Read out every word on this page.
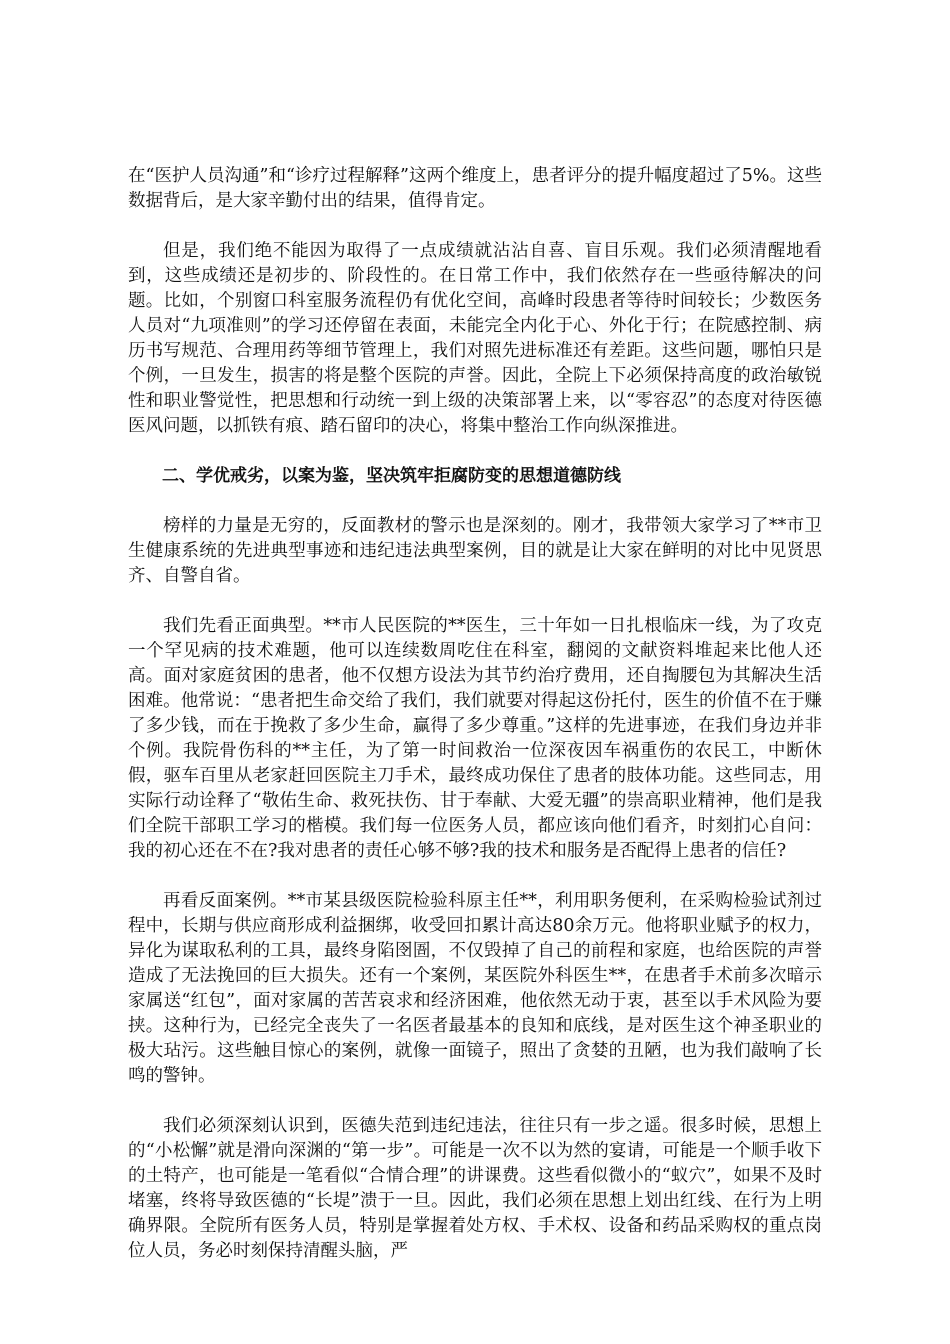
在“医护人员沟通”和“诊疗过程解释”这两个维度上，患者评分的提升幅度超过了5%。这些数据背后，是大家辛勤付出的结果，值得肯定。

但是，我们绝不能因为取得了一点成绩就沾沾自喜、盲目乐观。我们必须清醒地看到，这些成绩还是初步的、阶段性的。在日常工作中，我们依然存在一些亟待解决的问题。比如，个别窗口科室服务流程仍有优化空间，高峰时段患者等待时间较长；少数医务人员对“九项准则”的学习还停留在表面，未能完全内化于心、外化于行；在院感控制、病历书写规范、合理用药等细节管理上，我们对照先进标准还有差距。这些问题，哪怕只是个例，一旦发生，损害的将是整个医院的声誉。因此，全院上下必须保持高度的政治敏锐性和职业警觉性，把思想和行动统一到上级的决策部署上来，以“零容忍”的态度对待医德医风问题，以抓铁有痕、踏石留印的决心，将集中整治工作向纵深推进。

二、学优戒劣，以案为鉴，坚决筑牢拒腐防变的思想道德防线

榜样的力量是无穷的，反面教材的警示也是深刻的。刚才，我带领大家学习了**市卫生健康系统的先进典型事迹和违纪违法典型案例，目的就是让大家在鲜明的对比中见贤思齐、自警自省。

我们先看正面典型。**市人民医院的**医生，三十年如一日扎根临床一线，为了攻克一个罕见病的技术难题，他可以连续数周吃住在科室，翻阅的文献资料堆起来比他人还高。面对家庭贫困的患者，他不仅想方设法为其节约治疗费用，还自掏腰包为其解决生活困难。他常说：“患者把生命交给了我们，我们就要对得起这份托付，医生的价值不在于赚了多少钱，而在于挽救了多少生命，赢得了多少尊重。”这样的先进事迹，在我们身边并非个例。我院骨伤科的**主任，为了第一时间救治一位深夜因车祸重伤的农民工，中断休假，驱车百里从老家赶回医院主刀手术，最终成功保住了患者的肢体功能。这些同志，用实际行动诠释了“敬佑生命、救死扶伤、甘于奉献、大爱无疆”的崇高职业精神，他们是我们全院干部职工学习的楷模。我们每一位医务人员，都应该向他们看齐，时刻扪心自问：我的初心还在不在?我对患者的责任心够不够?我的技术和服务是否配得上患者的信任?

再看反面案例。**市某县级医院检验科原主任**，利用职务便利，在采购检验试剂过程中，长期与供应商形成利益捆绑，收受回扣累计高达80余万元。他将职业赋予的权力，异化为谋取私利的工具，最终身陷囹圄，不仅毁掉了自己的前程和家庭，也给医院的声誉造成了无法挽回的巨大损失。还有一个案例，某医院外科医生**，在患者手术前多次暗示家属送“红包”，面对家属的苦苦哀求和经济困难，他依然无动于衷，甚至以手术风险为要挟。这种行为，已经完全丧失了一名医者最基本的良知和底线，是对医生这个神圣职业的极大玷污。这些触目惊心的案例，就像一面镜子，照出了贪婪的丑陋，也为我们敲响了长鸣的警钟。

我们必须深刻认识到，医德失范到违纪违法，往往只有一步之遥。很多时候，思想上的“小松懈”就是滑向深渊的“第一步”。可能是一次不以为然的宴请，可能是一个顺手收下的土特产，也可能是一笔看似“合情合理”的讲课费。这些看似微小的“蚁穴”，如果不及时堵塞，终将导致医德的“长堤”溃于一旦。因此，我们必须在思想上划出红线、在行为上明确界限。全院所有医务人员，特别是掌握着处方权、手术权、设备和药品采购权的重点岗位人员，务必时刻保持清醒头脑，严
